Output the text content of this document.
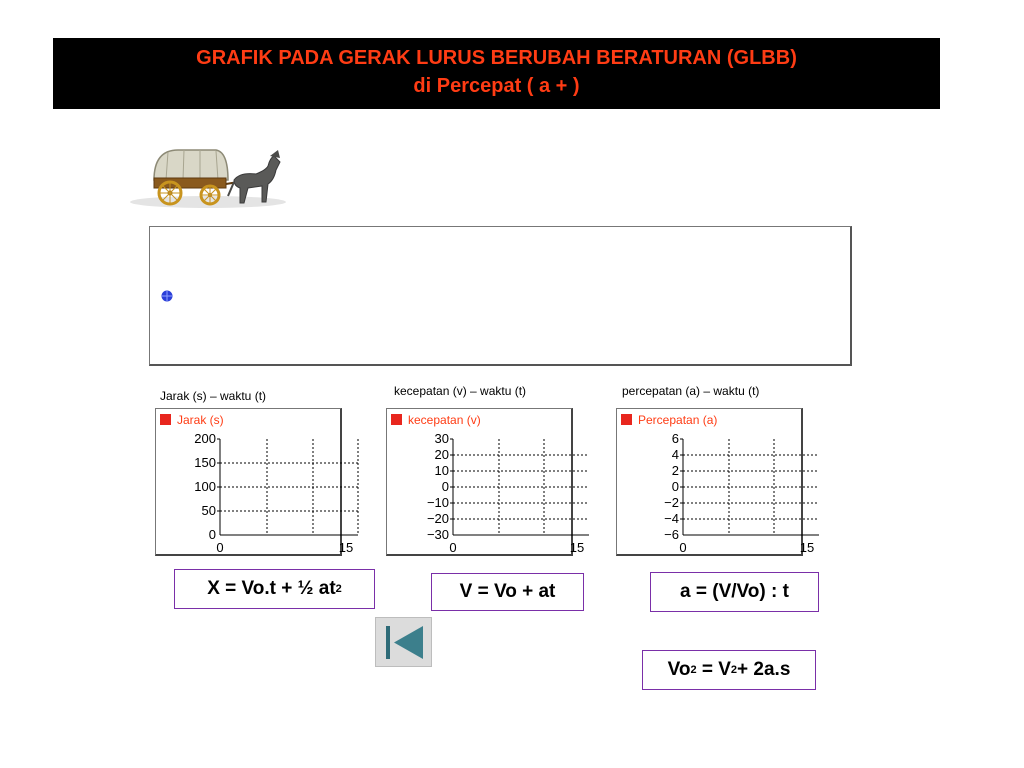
GRAFIK PADA GERAK LURUS BERUBAH BERATURAN (GLBB)
di Percepat ( a + )
Jarak (s) – waktu (t)	kecepatan (v) – waktu (t)	percepatan (a) – waktu (t)
Jarak (s)
200
150
100
50
0
0	15
kecepatan (v)
30
20
10
0
−10
−20
−30
0	15
Percepatan (a)
6
4
2
0
−2
−4
−6
0	15
X = Vo.t + ½ at 2	V = Vo + at	a = (V/Vo) : t
Vo 2 = V 2 + 2a.s
